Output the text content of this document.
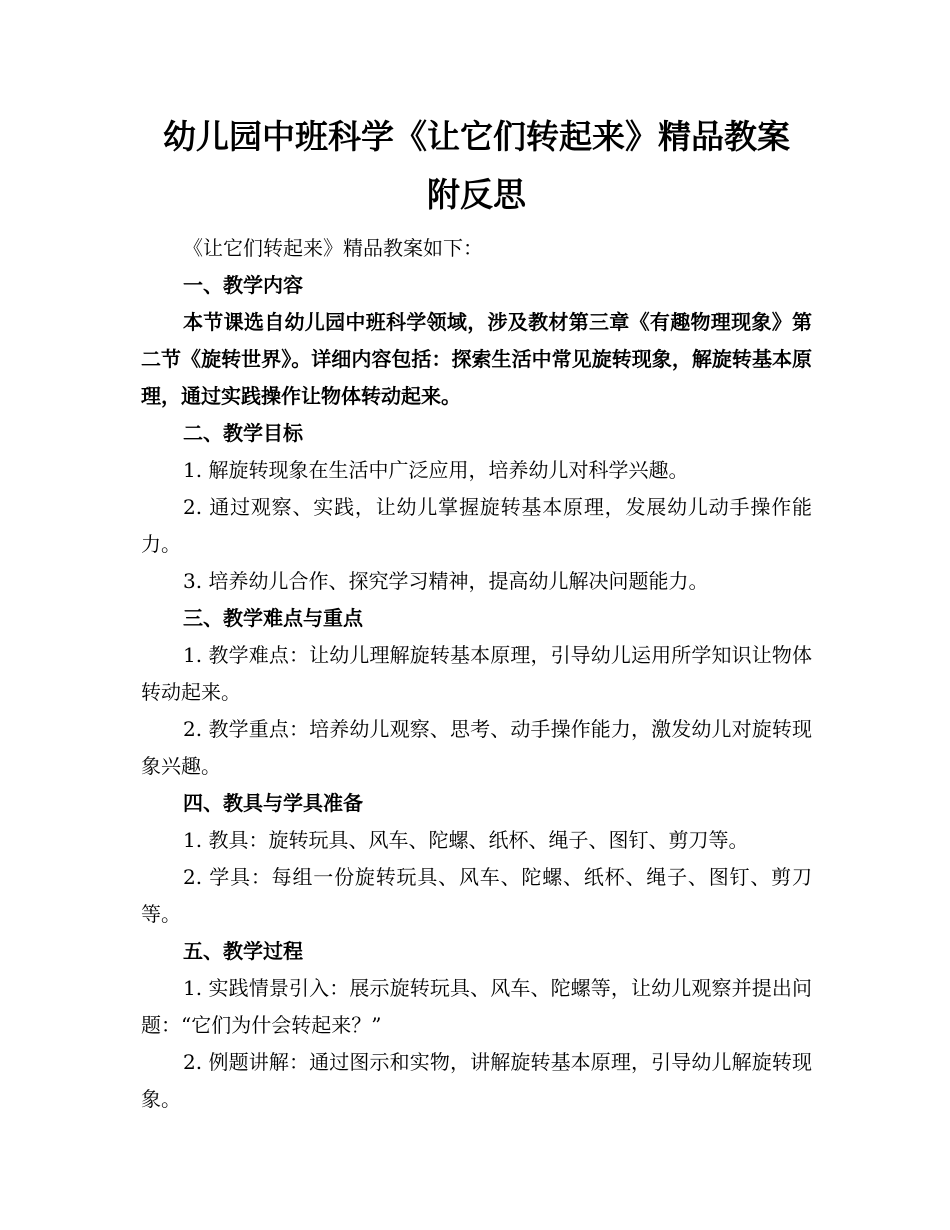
幼儿园中班科学《让它们转起来》精品教案
附反思

《让它们转起来》精品教案如下：

一、教学内容

本节课选自幼儿园中班科学领域，涉及教材第三章《有趣物理现象》第二节《旋转世界》。详细内容包括：探索生活中常见旋转现象，解旋转基本原理，通过实践操作让物体转动起来。

二、教学目标

1. 解旋转现象在生活中广泛应用，培养幼儿对科学兴趣。

2. 通过观察、实践，让幼儿掌握旋转基本原理，发展幼儿动手操作能力。

3. 培养幼儿合作、探究学习精神，提高幼儿解决问题能力。

三、教学难点与重点

1. 教学难点：让幼儿理解旋转基本原理，引导幼儿运用所学知识让物体转动起来。

2. 教学重点：培养幼儿观察、思考、动手操作能力，激发幼儿对旋转现象兴趣。

四、教具与学具准备

1. 教具：旋转玩具、风车、陀螺、纸杯、绳子、图钉、剪刀等。

2. 学具：每组一份旋转玩具、风车、陀螺、纸杯、绳子、图钉、剪刀等。

五、教学过程

1. 实践情景引入：展示旋转玩具、风车、陀螺等，让幼儿观察并提出问题：“它们为什会转起来？”

2. 例题讲解：通过图示和实物，讲解旋转基本原理，引导幼儿解旋转现象。
